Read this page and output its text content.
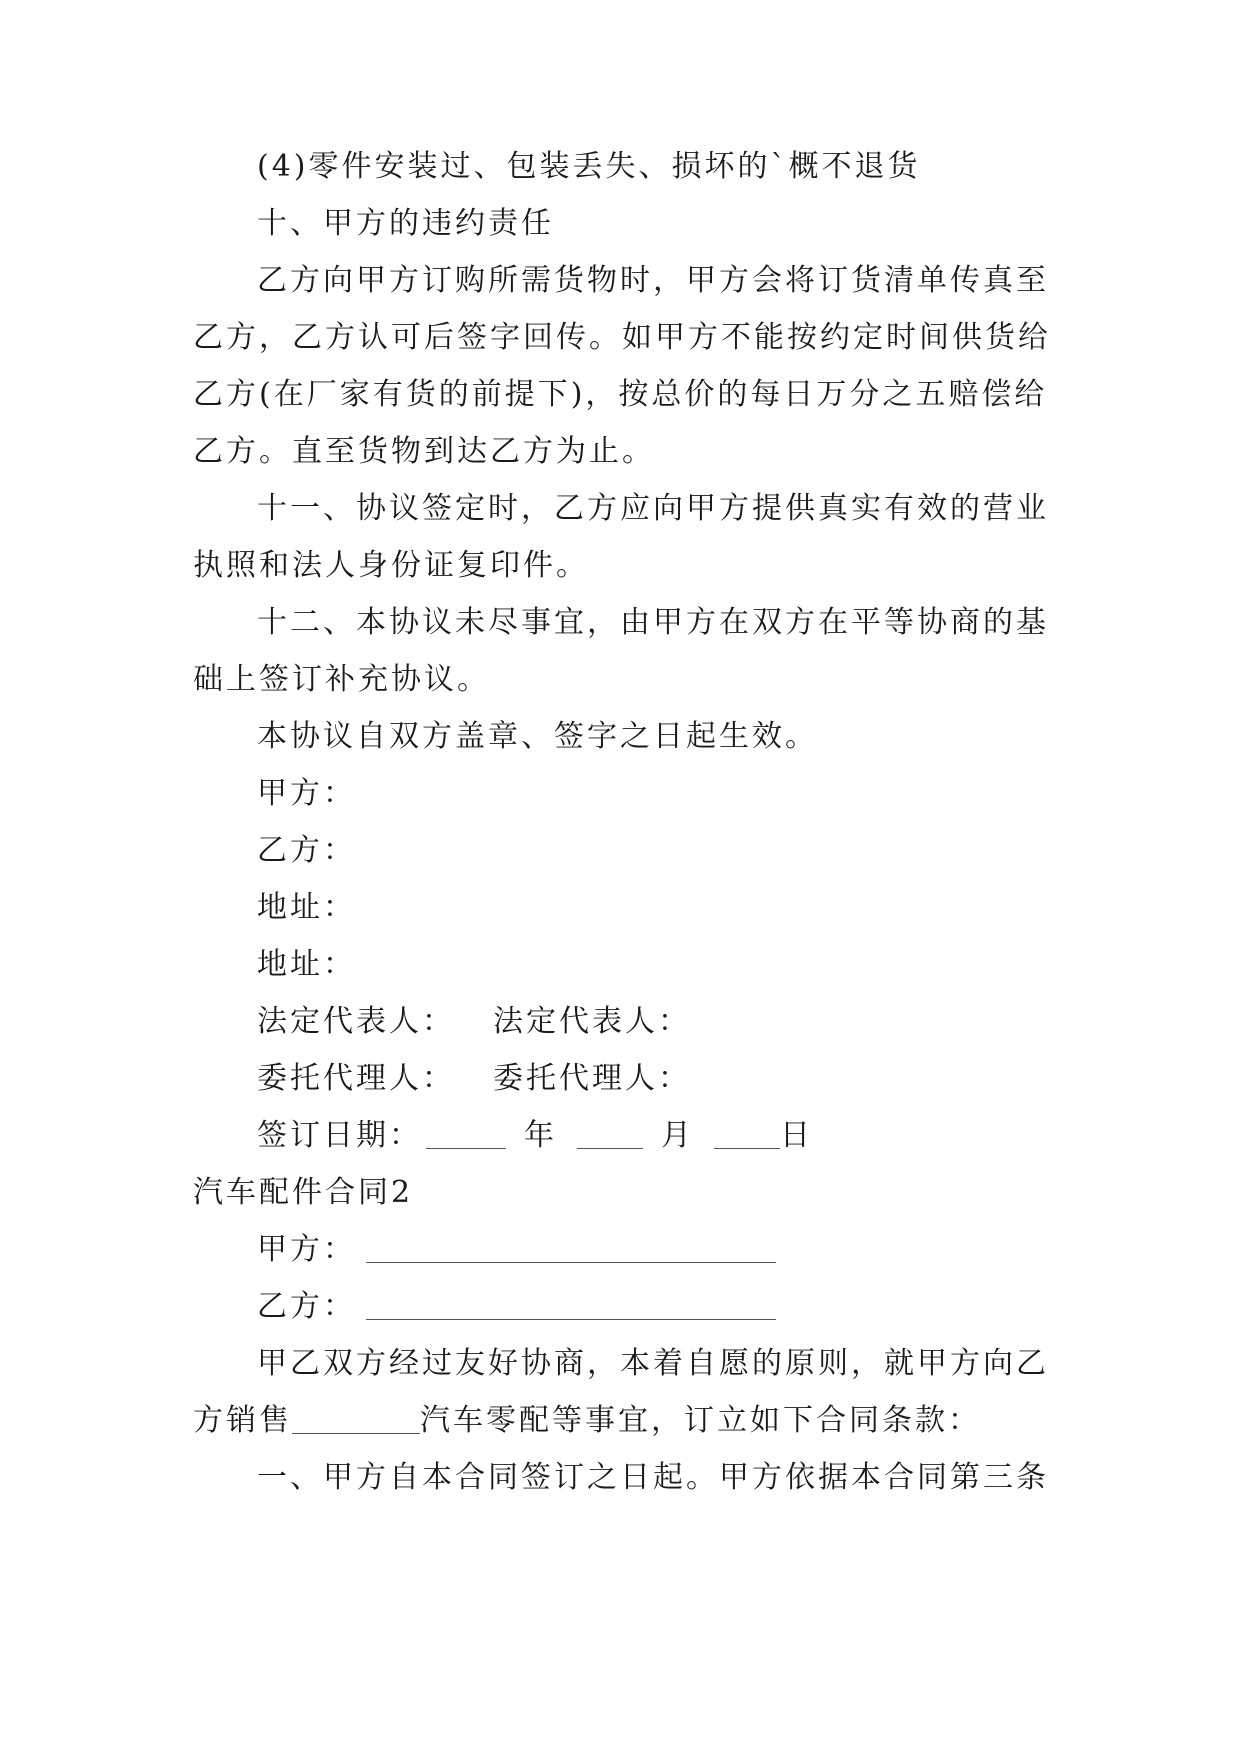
(4)零件安装过、包装丢失、损坏的`概不退货
十、甲方的违约责任
乙方向甲方订购所需货物时，甲方会将订货清单传真至
乙方，乙方认可后签字回传。如甲方不能按约定时间供货给
乙方(在厂家有货的前提下)，按总价的每日万分之五赔偿给
乙方。直至货物到达乙方为止。
十一、协议签定时，乙方应向甲方提供真实有效的营业
执照和法人身份证复印件。
十二、本协议未尽事宜，由甲方在双方在平等协商的基
础上签订补充协议。
本协议自双方盖章、签字之日起生效。
甲方：
乙方：
地址：
地址：
法定代表人： 法定代表人：
委托代理人： 委托代理人：
签订日期：	年	月	日
汽车配件合同2
甲方：
乙方：
甲乙双方经过友好协商，本着自愿的原则，就甲方向乙
方销售	汽车零配等事宜，订立如下合同条款：
一、甲方自本合同签订之日起。甲方依据本合同第三条
